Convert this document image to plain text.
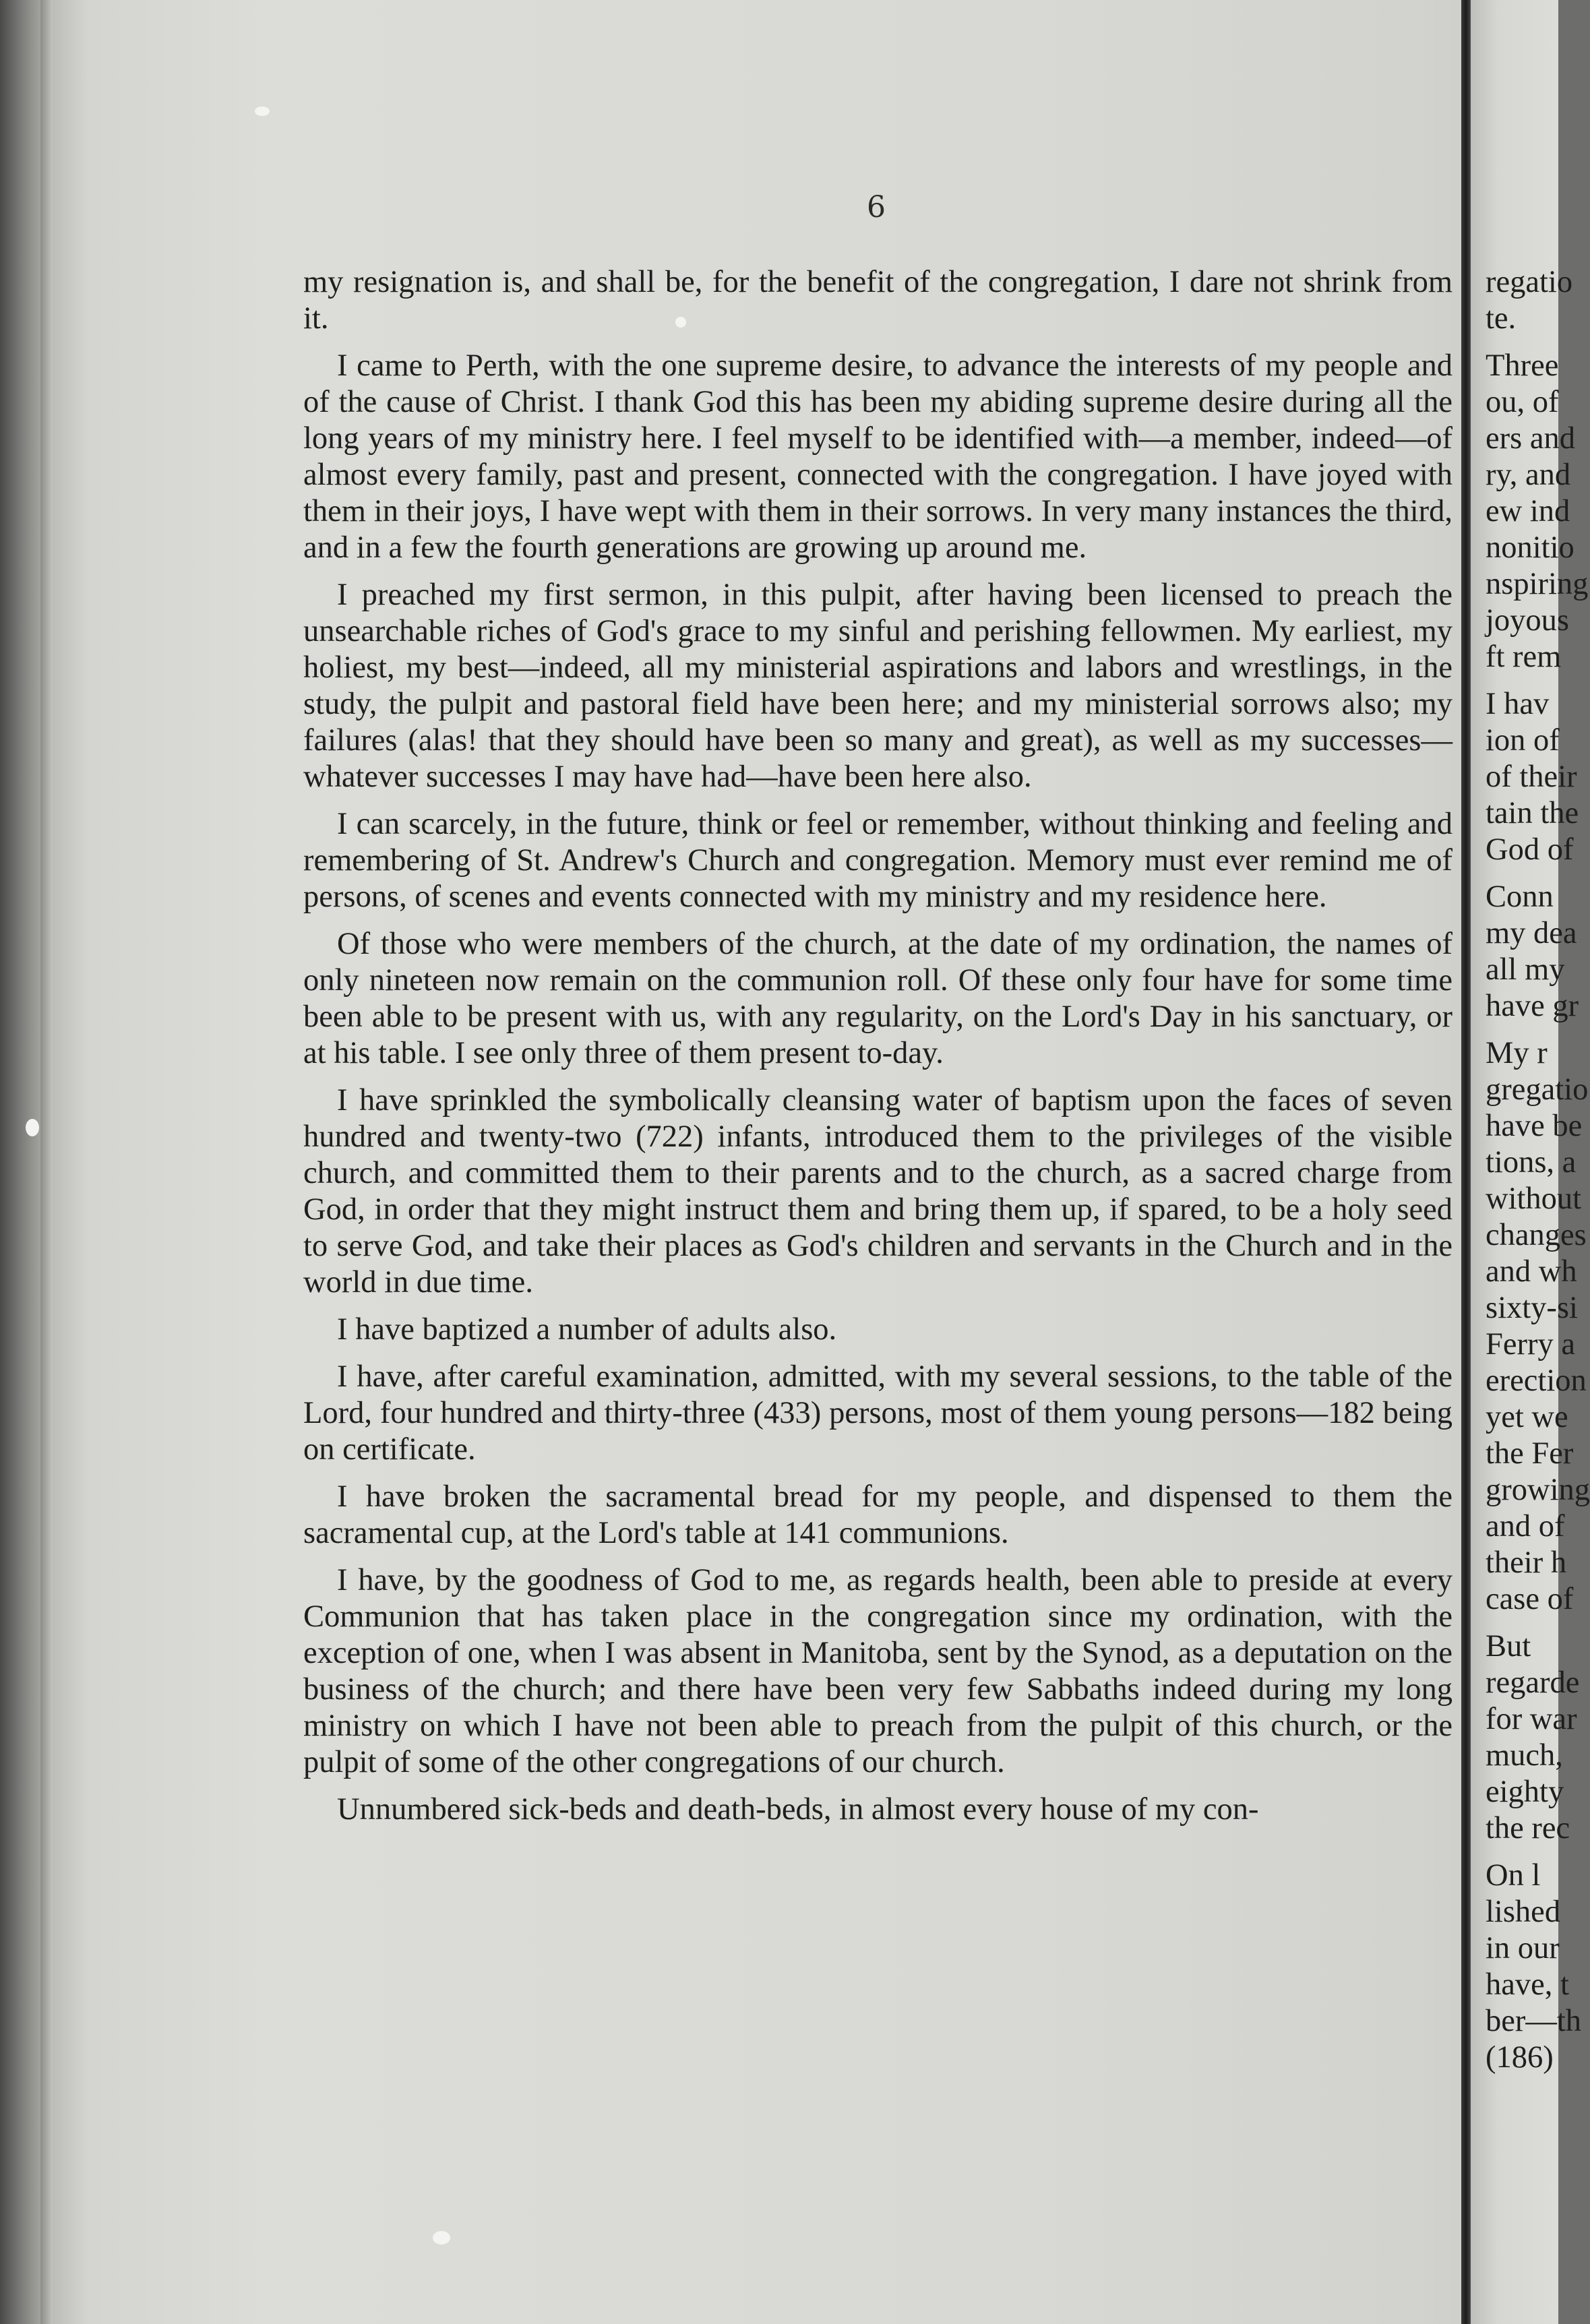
6

my resignation is, and shall be, for the benefit of the congregation, I dare not shrink from it.

I came to Perth, with the one supreme desire, to advance the interests of my people and of the cause of Christ. I thank God this has been my abiding supreme desire during all the long years of my ministry here. I feel myself to be identified with—a member, indeed—of almost every family, past and present, connected with the congregation. I have joyed with them in their joys, I have wept with them in their sorrows. In very many instances the third, and in a few the fourth generations are growing up around me.

I preached my first sermon, in this pulpit, after having been licensed to preach the unsearchable riches of God's grace to my sinful and perishing fellowmen. My earliest, my holiest, my best—indeed, all my ministerial aspirations and labors and wrestlings, in the study, the pulpit and pastoral field have been here; and my ministerial sorrows also; my failures (alas! that they should have been so many and great), as well as my successes—whatever successes I may have had—have been here also.

I can scarcely, in the future, think or feel or remember, without thinking and feeling and remembering of St. Andrew's Church and congregation. Memory must ever remind me of persons, of scenes and events connected with my ministry and my residence here.

Of those who were members of the church, at the date of my ordination, the names of only nineteen now remain on the communion roll. Of these only four have for some time been able to be present with us, with any regularity, on the Lord's Day in his sanctuary, or at his table. I see only three of them present to-day.

I have sprinkled the symbolically cleansing water of baptism upon the faces of seven hundred and twenty-two (722) infants, introduced them to the privileges of the visible church, and committed them to their parents and to the church, as a sacred charge from God, in order that they might instruct them and bring them up, if spared, to be a holy seed to serve God, and take their places as God's children and servants in the Church and in the world in due time.

I have baptized a number of adults also.

I have, after careful examination, admitted, with my several sessions, to the table of the Lord, four hundred and thirty-three (433) persons, most of them young persons—182 being on certificate.

I have broken the sacramental bread for my people, and dispensed to them the sacramental cup, at the Lord's table at 141 communions.

I have, by the goodness of God to me, as regards health, been able to preside at every Communion that has taken place in the congregation since my ordination, with the exception of one, when I was absent in Manitoba, sent by the Synod, as a deputation on the business of the church; and there have been very few Sabbaths indeed during my long ministry on which I have not been able to preach from the pulpit of this church, or the pulpit of some of the other congregations of our church.

Unnumbered sick-beds and death-beds, in almost every house of my con-

regatio
te.
Three
ou, of
ers and
ry, and
ew ind
nonitio
nspiring
joyous
ft rem
I hav
ion of
of their
tain the
God of
Conn
my dea
all my
have gr
My r
gregatio
have be
tions, a
without
changes
and wh
sixty-si
Ferry a
erection
yet we
the Fer
growing
and of
their h
case of
But
regarde
for war
much,
eighty
the rec
On l
lished
in our
have, t
ber—th
(186)
